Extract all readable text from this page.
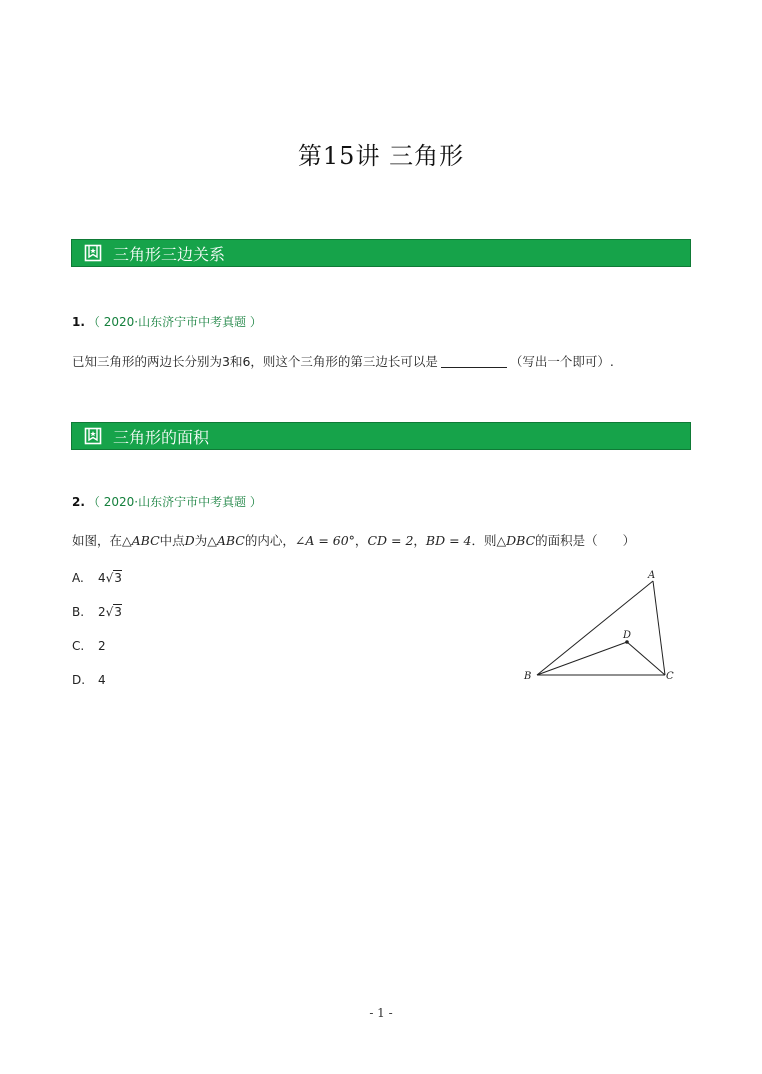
第15讲 三角形
三角形三边关系
1. （ 2020·山东济宁市中考真题 ）
已知三角形的两边长分别为3和6，则这个三角形的第三边长可以是	（写出一个即可）.
三角形的面积
2. （ 2020·山东济宁市中考真题 ）
如图，在△ABC中点D为△ABC的内心，∠A = 60°，CD = 2，BD = 4．则△DBC的面积是（　　）
A. 4√3
B. 2√3
C. 2
D. 4
A
B	C
D
- 1 -
